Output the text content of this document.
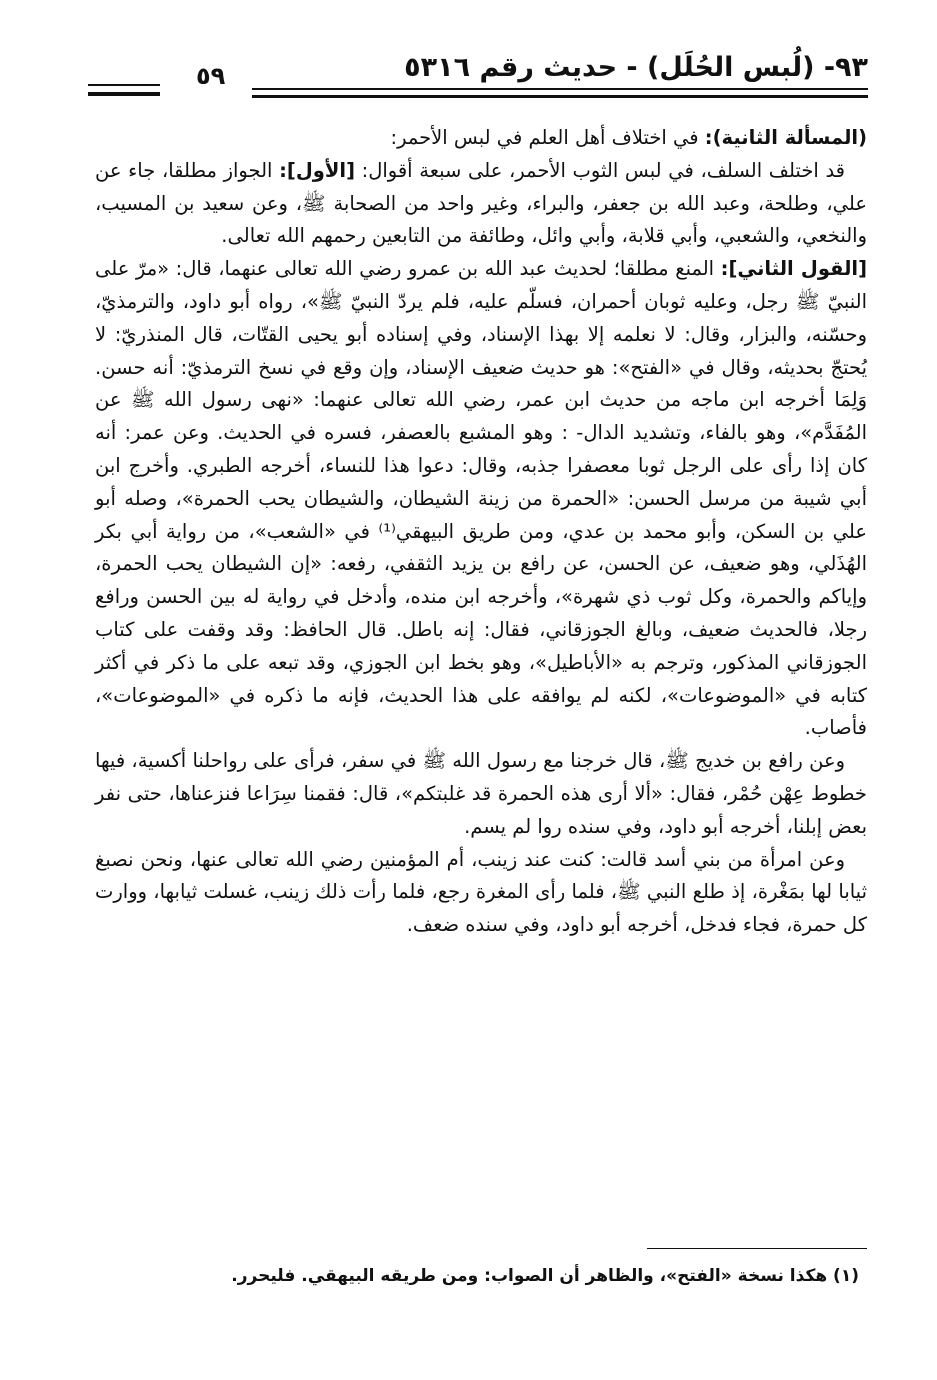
٩٣- (لُبس الحُلَل) - حديث رقم ٥٣١٦
٥٩

(المسألة الثانية): في اختلاف أهل العلم في لبس الأحمر:

قد اختلف السلف، في لبس الثوب الأحمر، على سبعة أقوال: [الأول]: الجواز مطلقا، جاء عن علي، وطلحة، وعبد الله بن جعفر، والبراء، وغير واحد من الصحابة ﷺ، وعن سعيد بن المسيب، والنخعي، والشعبي، وأبي قلابة، وأبي وائل، وطائفة من التابعين رحمهم الله تعالى.

[القول الثاني]: المنع مطلقا؛ لحديث عبد الله بن عمرو رضي الله تعالى عنهما، قال: «مرّ على النبيّ ﷺ رجل، وعليه ثوبان أحمران، فسلّم عليه، فلم يردّ النبيّ ﷺ»، رواه أبو داود، والترمذيّ، وحسّنه، والبزار، وقال: لا نعلمه إلا بهذا الإسناد، وفي إسناده أبو يحيى القتّات، قال المنذريّ: لا يُحتجّ بحديثه، وقال في «الفتح»: هو حديث ضعيف الإسناد، وإن وقع في نسخ الترمذيّ: أنه حسن. وَلِمَا أخرجه ابن ماجه من حديث ابن عمر، رضي الله تعالى عنهما: «نهى رسول الله ﷺ عن المُفَدَّم»، وهو بالفاء، وتشديد الدال- : وهو المشبع بالعصفر، فسره في الحديث. وعن عمر: أنه كان إذا رأى على الرجل ثوبا معصفرا جذبه، وقال: دعوا هذا للنساء، أخرجه الطبري. وأخرج ابن أبي شيبة من مرسل الحسن: «الحمرة من زينة الشيطان، والشيطان يحب الحمرة»، وصله أبو علي بن السكن، وأبو محمد بن عدي، ومن طريق البيهقي⁽¹⁾ في «الشعب»، من رواية أبي بكر الهُذَلي، وهو ضعيف، عن الحسن، عن رافع بن يزيد الثقفي، رفعه: «إن الشيطان يحب الحمرة، وإياكم والحمرة، وكل ثوب ذي شهرة»، وأخرجه ابن منده، وأدخل في رواية له بين الحسن ورافع رجلا، فالحديث ضعيف، وبالغ الجوزقاني، فقال: إنه باطل. قال الحافظ: وقد وقفت على كتاب الجوزقاني المذكور، وترجم به «الأباطيل»، وهو بخط ابن الجوزي، وقد تبعه على ما ذكر في أكثر كتابه في «الموضوعات»، لكنه لم يوافقه على هذا الحديث، فإنه ما ذكره في «الموضوعات»، فأصاب.

وعن رافع بن خديج ﷺ، قال خرجنا مع رسول الله ﷺ في سفر، فرأى على رواحلنا أكسية، فيها خطوط عِهْن حُمْر، فقال: «ألا أرى هذه الحمرة قد غلبتكم»، قال: فقمنا سِرَاعا فنزعناها، حتى نفر بعض إبلنا، أخرجه أبو داود، وفي سنده روا لم يسم.

وعن امرأة من بني أسد قالت: كنت عند زينب، أم المؤمنين رضي الله تعالى عنها، ونحن نصبغ ثيابا لها بمَغْرة، إذ طلع النبي ﷺ، فلما رأى المغرة رجع، فلما رأت ذلك زينب، غسلت ثيابها، ووارت كل حمرة، فجاء فدخل، أخرجه أبو داود، وفي سنده ضعف.

(١) هكذا نسخة «الفتح»، والظاهر أن الصواب: ومن طريقه البيهقي. فليحرر.
